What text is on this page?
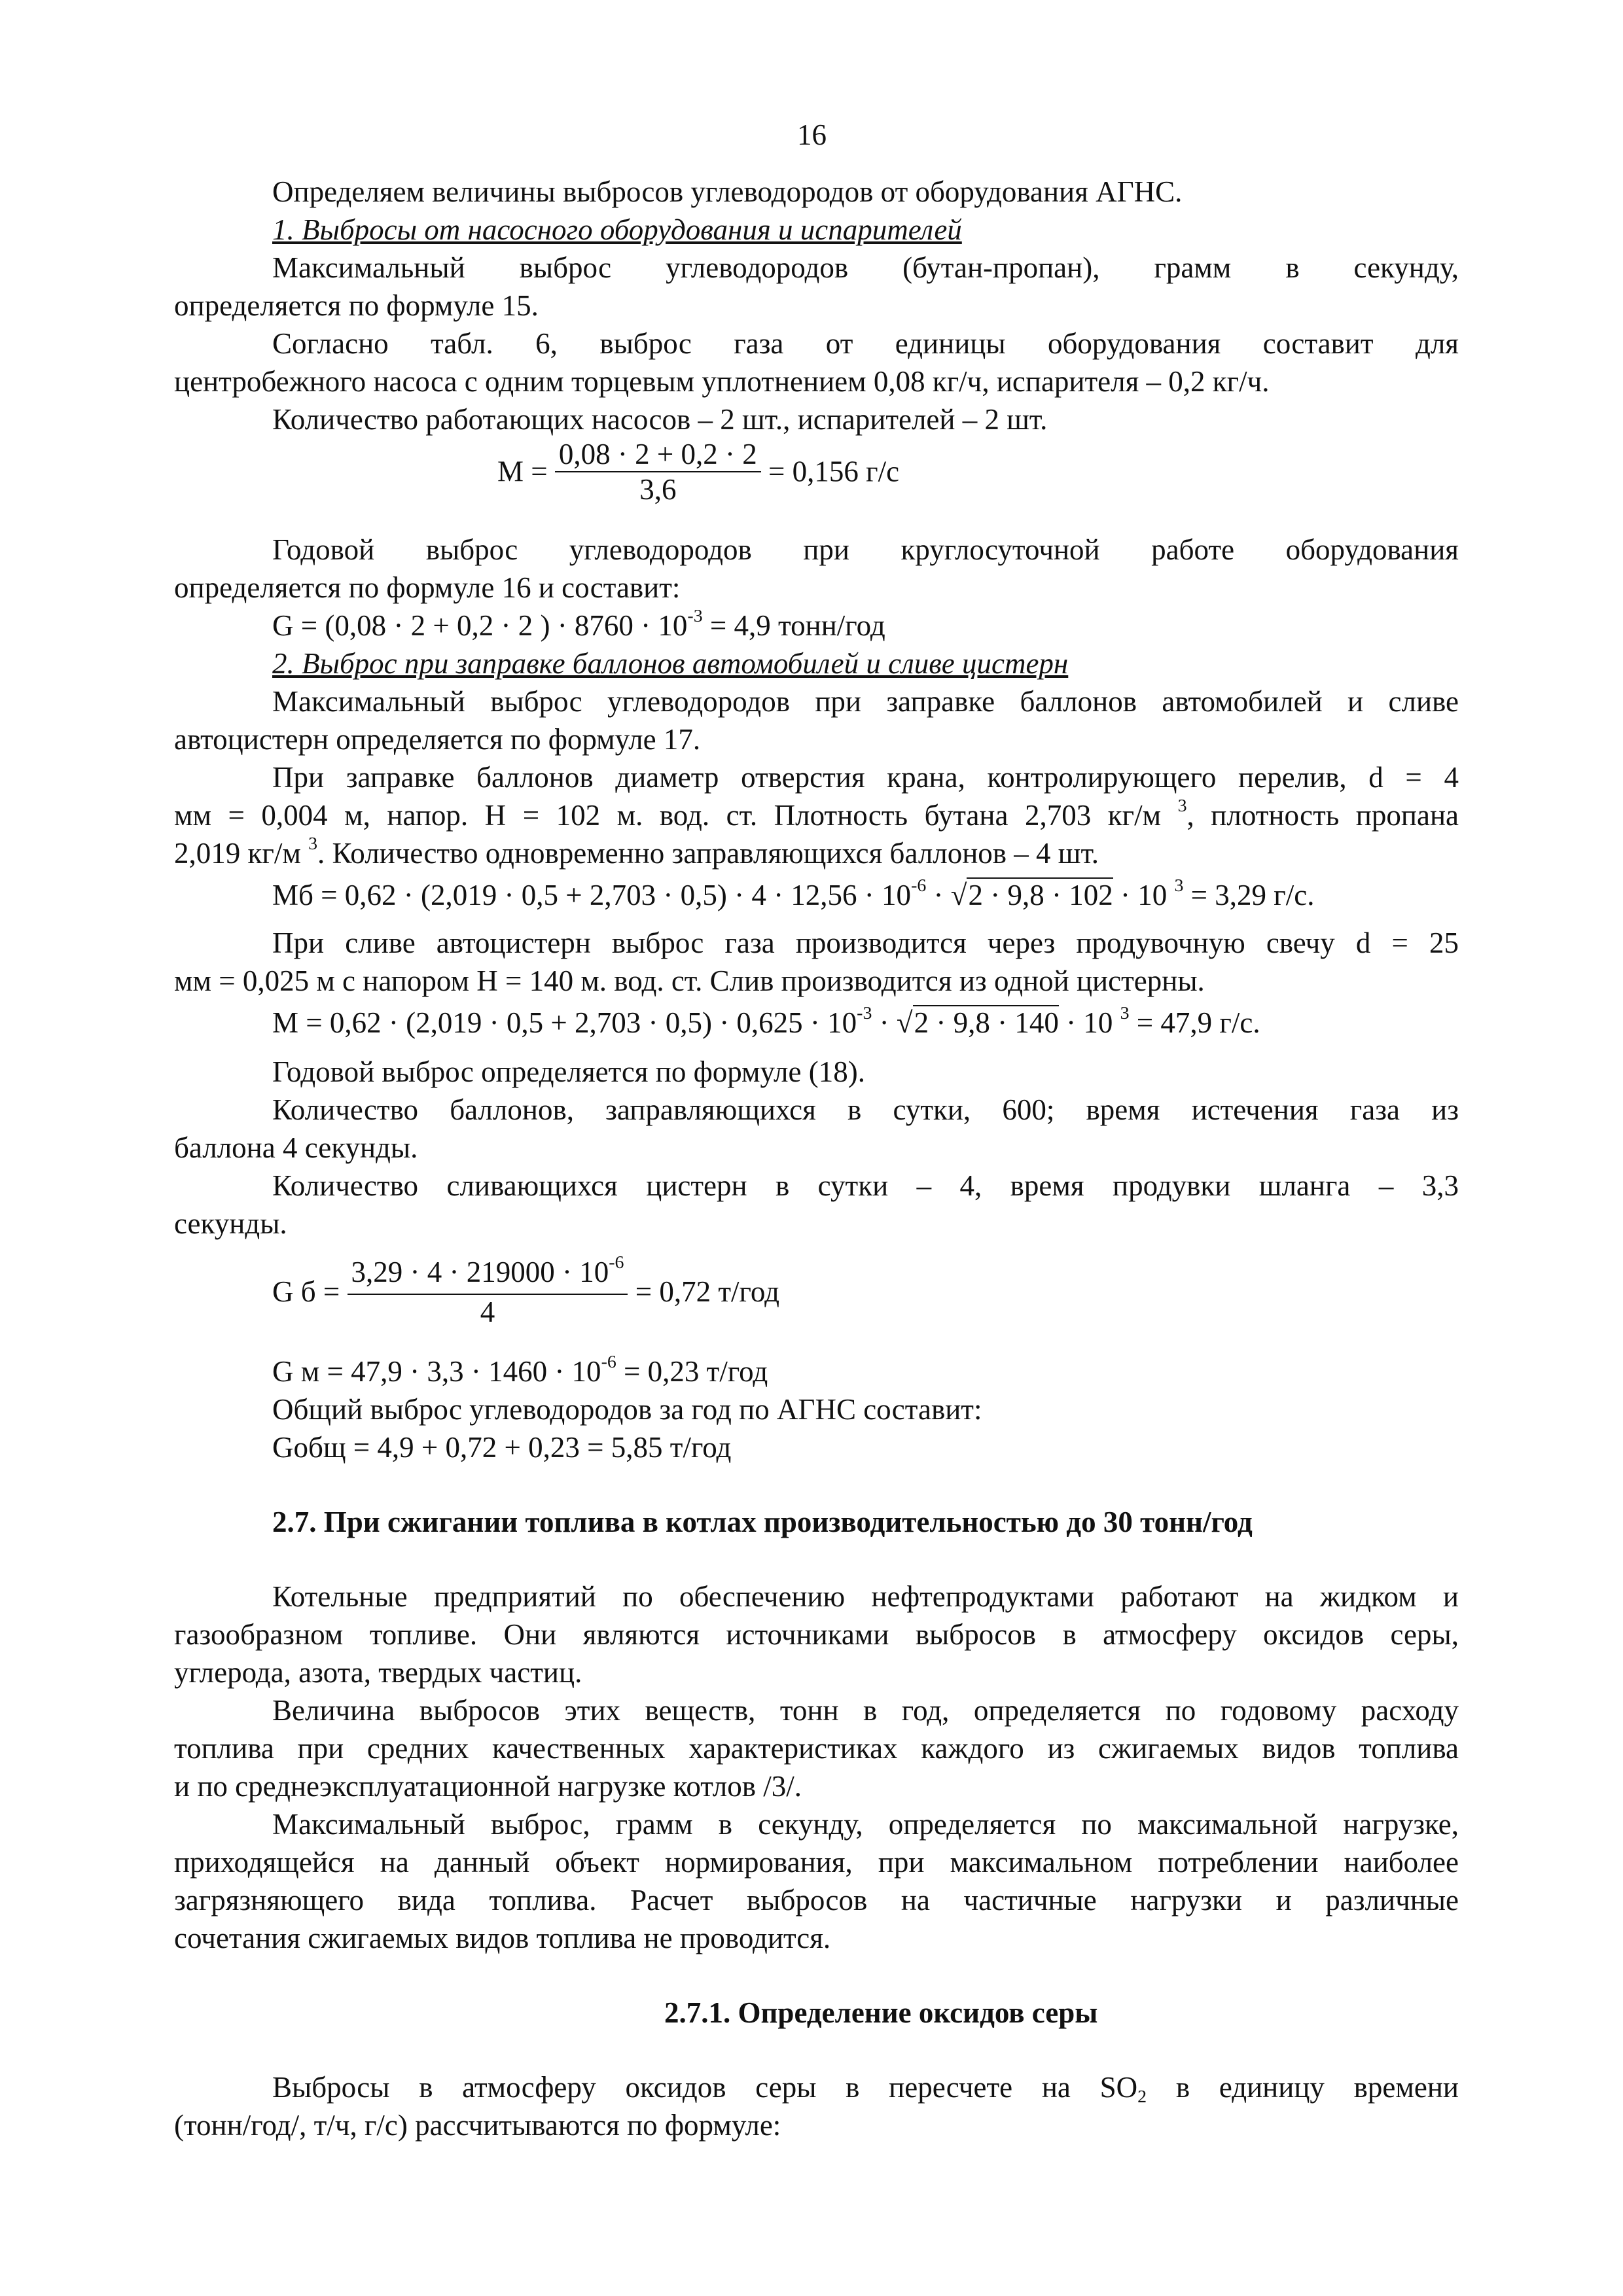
16
Определяем величины выбросов углеводородов от оборудования АГНС.
1. Выбросы от насосного оборудования и испарителей
Максимальный выброс углеводородов (бутан-пропан), грамм в секунду,
определяется по формуле 15.
Согласно табл. 6, выброс газа от единицы оборудования составит для
центробежного насоса с одним торцевым уплотнением 0,08 кг/ч, испарителя – 0,2 кг/ч.
Количество работающих насосов – 2 шт., испарителей – 2 шт.
$M = \frac{0,08 \cdot 2 + 0,2 \cdot 2}{3,6} = 0,156$ г/с
Годовой выброс углеводородов при круглосуточной работе оборудования
определяется по формуле 16 и составит:
G = (0,08 · 2 + 0,2 · 2 ) · $8760 \cdot 10^{-3} = 4,9$ тонн/год
2. Выброс при заправке баллонов автомобилей и сливе цистерн
Максимальный выброс углеводородов при заправке баллонов автомобилей и сливе
автоцистерн определяется по формуле 17.
При заправке баллонов диаметр отверстия крана, контролирующего перелив, d = 4
мм = 0,004 м, напор. Н = 102 м. вод. ст. Плотность бутана 2,703 кг/м $^3$, плотность пропана
2,019 кг/м $^3$. Количество одновременно заправляющихся баллонов – 4 шт.
Mб = $0,62 \cdot (2,019 \cdot 0,5 + 2,703 \cdot 0,5) \cdot 4 \cdot 12,56 \cdot 10^{-6} \cdot √2 \cdot 9,8 \cdot 102 \cdot 10$ $^3$ = 3,29 г/с.
При сливе автоцистерн выброс газа производится через продувочную свечу d = 25
мм = 0,025 м с напором Н = 140 м. вод. ст. Слив производится из одной цистерны.
$M = 0,62 \cdot (2,019 \cdot 0,5 + 2,703 \cdot 0,5) \cdot 0,625 \cdot 10^{-3} \cdot √2 \cdot 9,8 \cdot 140 \cdot 10$ $^3$ = 47,9 г/с.
Годовой выброс определяется по формуле (18).
Количество баллонов, заправляющихся в сутки, 600; время истечения газа из
баллона 4 секунды.
Количество сливающихся цистерн в сутки – 4, время продувки шланга – 3,3
секунды.
G $б = \frac{3,29 \cdot 4 \cdot 219000 \cdot 10^{-6}}{4} = 0,72$ т/год
G $м = 47,9 \cdot 3,3 \cdot 1460 \cdot 10^{-6} = 0,23$ т/год
Общий выброс углеводородов за год по АГНС составит:
Gобщ = 4,9 + 0,72 + 0,23 = 5,85 т/год
2.7. При сжигании топлива в котлах производительностью до 30 тонн/год
Котельные предприятий по обеспечению нефтепродуктами работают на жидком и
газообразном топливе. Они являются источниками выбросов в атмосферу оксидов серы,
углерода, азота, твердых частиц.
Величина выбросов этих веществ, тонн в год, определяется по годовому расходу
топлива при средних качественных характеристиках каждого из сжигаемых видов топлива
и по среднеэксплуатационной нагрузке котлов /3/.
Максимальный выброс, грамм в секунду, определяется по максимальной нагрузке,
приходящейся на данный объект нормирования, при максимальном потреблении наиболее
загрязняющего вида топлива. Расчет выбросов на частичные нагрузки и различные
сочетания сжигаемых видов топлива не проводится.
2.7.1. Определение оксидов серы
Выбросы в атмосферу оксидов серы в пересчете на $SO_2$ в единицу времени
(тонн/год/, т/ч, г/с) рассчитываются по формуле:
